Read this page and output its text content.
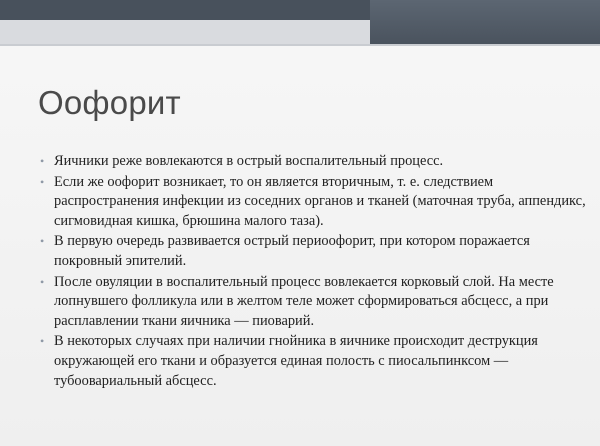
Оофорит
• Яичники реже вовлекаются в острый воспалительный процесс.
• Если же оофорит возникает, то он является вторичным, т. е. следствием распространения инфекции из соседних органов и тканей (маточная труба, аппендикс, сигмовидная кишка, брюшина малого таза).
• В первую очередь развивается острый периоофорит, при котором поражается покровный эпителий.
• После овуляции в воспалительный процесс вовлекается корковый слой. На месте лопнувшего фолликула или в желтом теле может сформироваться абсцесс, а при расплавлении ткани яичника — пиоварий.
• В некоторых случаях при наличии гнойника в яичнике происходит деструкция окружающей его ткани и образуется единая полость с пиосальпинксом — тубоовариальный абсцесс.
